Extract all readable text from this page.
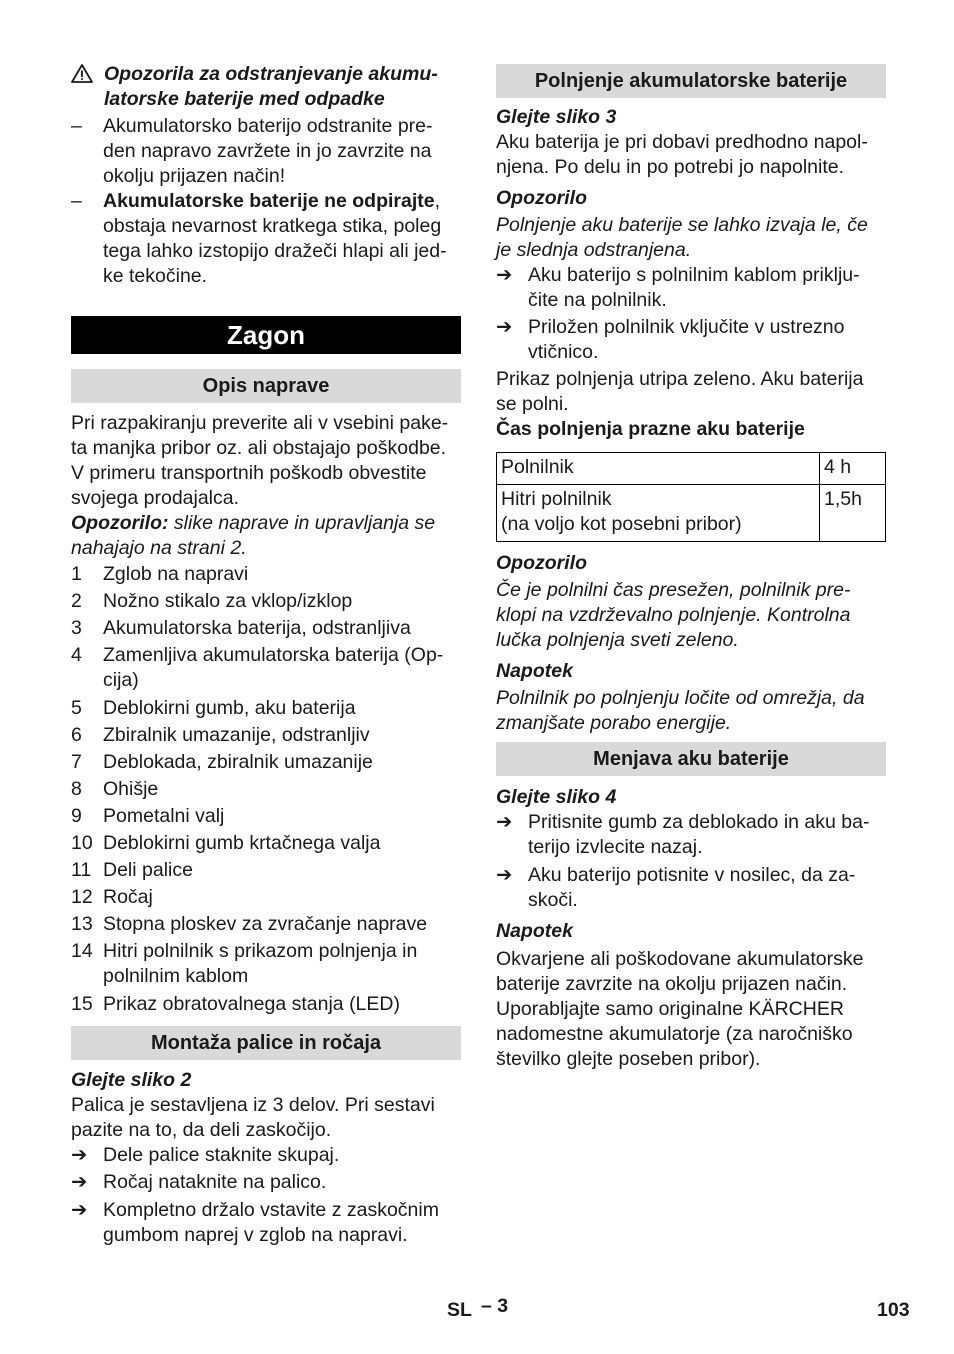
Opozorila za odstranjevanje akumu-
latorske baterije med odpadke
–	Akumulatorsko baterijo odstranite pre-
den napravo zavržete in jo zavrzite na
okolju prijazen način!
–	Akumulatorske baterije ne odpirajte,
obstaja nevarnost kratkega stika, poleg
tega lahko izstopijo dražeči hlapi ali jed-
ke tekočine.
Zagon
Opis naprave
Pri razpakiranju preverite ali v vsebini pake-
ta manjka pribor oz. ali obstajajo poškodbe.
V primeru transportnih poškodb obvestite
svojega prodajalca.
Opozorilo: slike naprave in upravljanja se
nahajajo na strani 2.
1	Zglob na napravi
2	Nožno stikalo za vklop/izklop
3	Akumulatorska baterija, odstranljiva
4	Zamenljiva akumulatorska baterija (Op-
cija)
5	Deblokirni gumb, aku baterija
6	Zbiralnik umazanije, odstranljiv
7	Deblokada, zbiralnik umazanije
8	Ohišje
9	Pometalni valj
10 Deblokirni gumb krtačnega valja
11 Deli palice
12 Ročaj
13 Stopna ploskev za zvračanje naprave
14 Hitri polnilnik s prikazom polnjenja in
polnilnim kablom
15 Prikaz obratovalnega stanja (LED)
Montaža palice in ročaja
Glejte sliko 2
Palica je sestavljena iz 3 delov. Pri sestavi
pazite na to, da deli zaskočijo.
➔ Dele palice staknite skupaj.
➔ Ročaj nataknite na palico.
➔ Kompletno držalo vstavite z zaskočnim
gumbom naprej v zglob na napravi.
Polnjenje akumulatorske baterije
Glejte sliko 3
Aku baterija je pri dobavi predhodno napol-
njena. Po delu in po potrebi jo napolnite.
Opozorilo
Polnjenje aku baterije se lahko izvaja le, če
je slednja odstranjena.
➔ Aku baterijo s polnilnim kablom priklju-
čite na polnilnik.
➔ Priložen polnilnik vključite v ustrezno
vtičnico.
Prikaz polnjenja utripa zeleno. Aku baterija
se polni.
Čas polnjenja prazne aku baterije
Polnilnik	4 h

Hitri polnilnik
(na voljo kot posebni pribor)	1,5h
Opozorilo
Če je polnilni čas presežen, polnilnik pre-
klopi na vzdrževalno polnjenje. Kontrolna
lučka polnjenja sveti zeleno.
Napotek
Polnilnik po polnjenju ločite od omrežja, da
zmanjšate porabo energije.
Menjava aku baterije
Glejte sliko 4
➔ Pritisnite gumb za deblokado in aku ba-
terijo izvlecite nazaj.
➔ Aku baterijo potisnite v nosilec, da za-
skoči.
Napotek
Okvarjene ali poškodovane akumulatorske
baterije zavrzite na okolju prijazen način.
Uporabljajte samo originalne KÄRCHER
nadomestne akumulatorje (za naročniško
številko glejte poseben pribor).
SL – 3	103
